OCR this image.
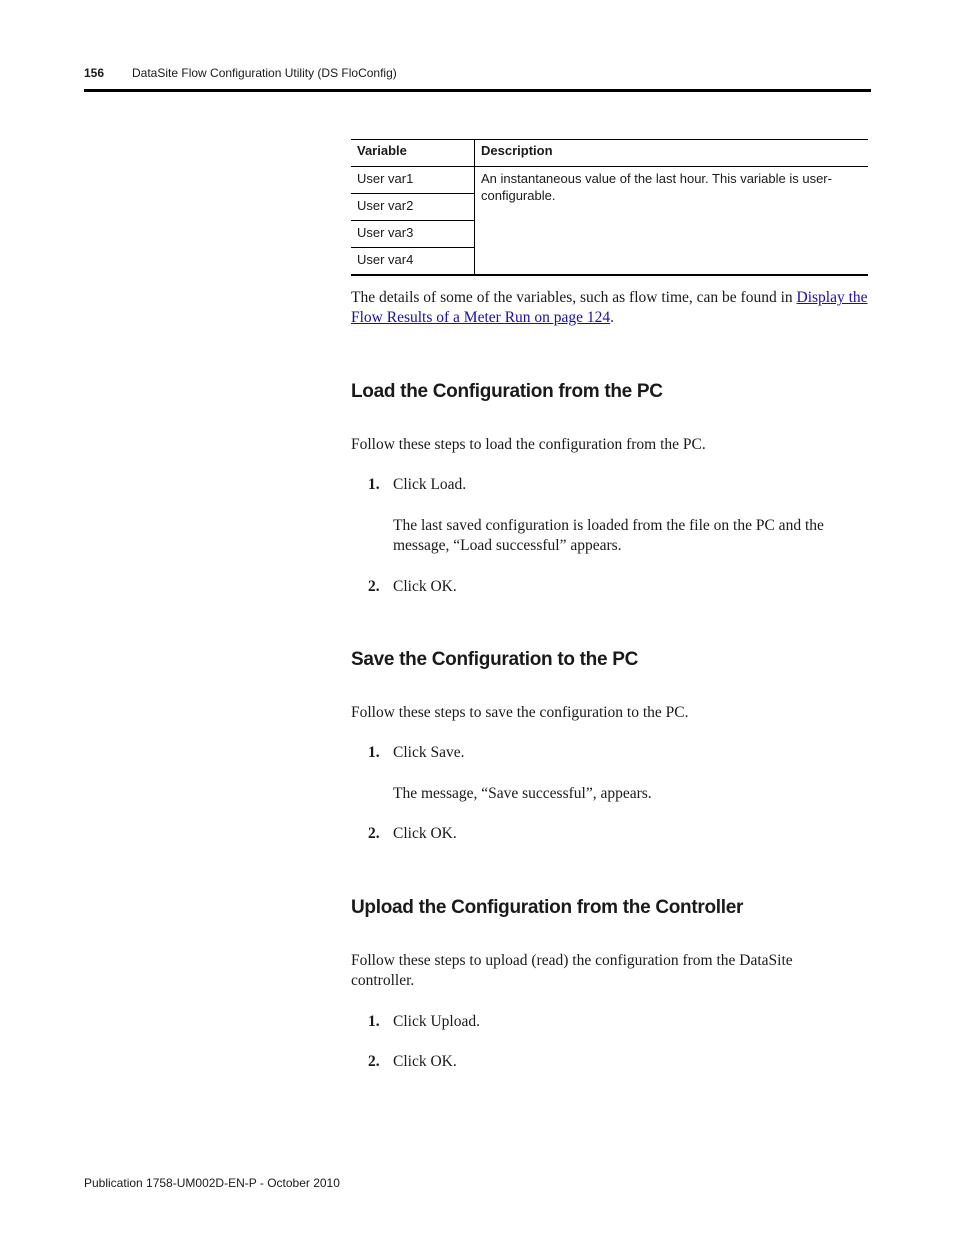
156 DataSite Flow Configuration Utility (DS FloConfig)
Variable	Description
User var1	An instantaneous value of the last hour. This variable is user-configurable.
User var2	
User var3	
User var4	

The details of some of the variables, such as flow time, can be found in Display the Flow Results of a Meter Run on page 124.

Load the Configuration from the PC

Follow these steps to load the configuration from the PC.

1. Click Load.

The last saved configuration is loaded from the file on the PC and the message, “Load successful” appears.

2. Click OK.
Save the Configuration to the PC

Follow these steps to save the configuration to the PC.

1. Click Save.

The message, “Save successful”, appears.

2. Click OK.
Upload the Configuration from the Controller

Follow these steps to upload (read) the configuration from the DataSite controller.

1. Click Upload.
2. Click OK.
Publication 1758-UM002D-EN-P - October 2010
